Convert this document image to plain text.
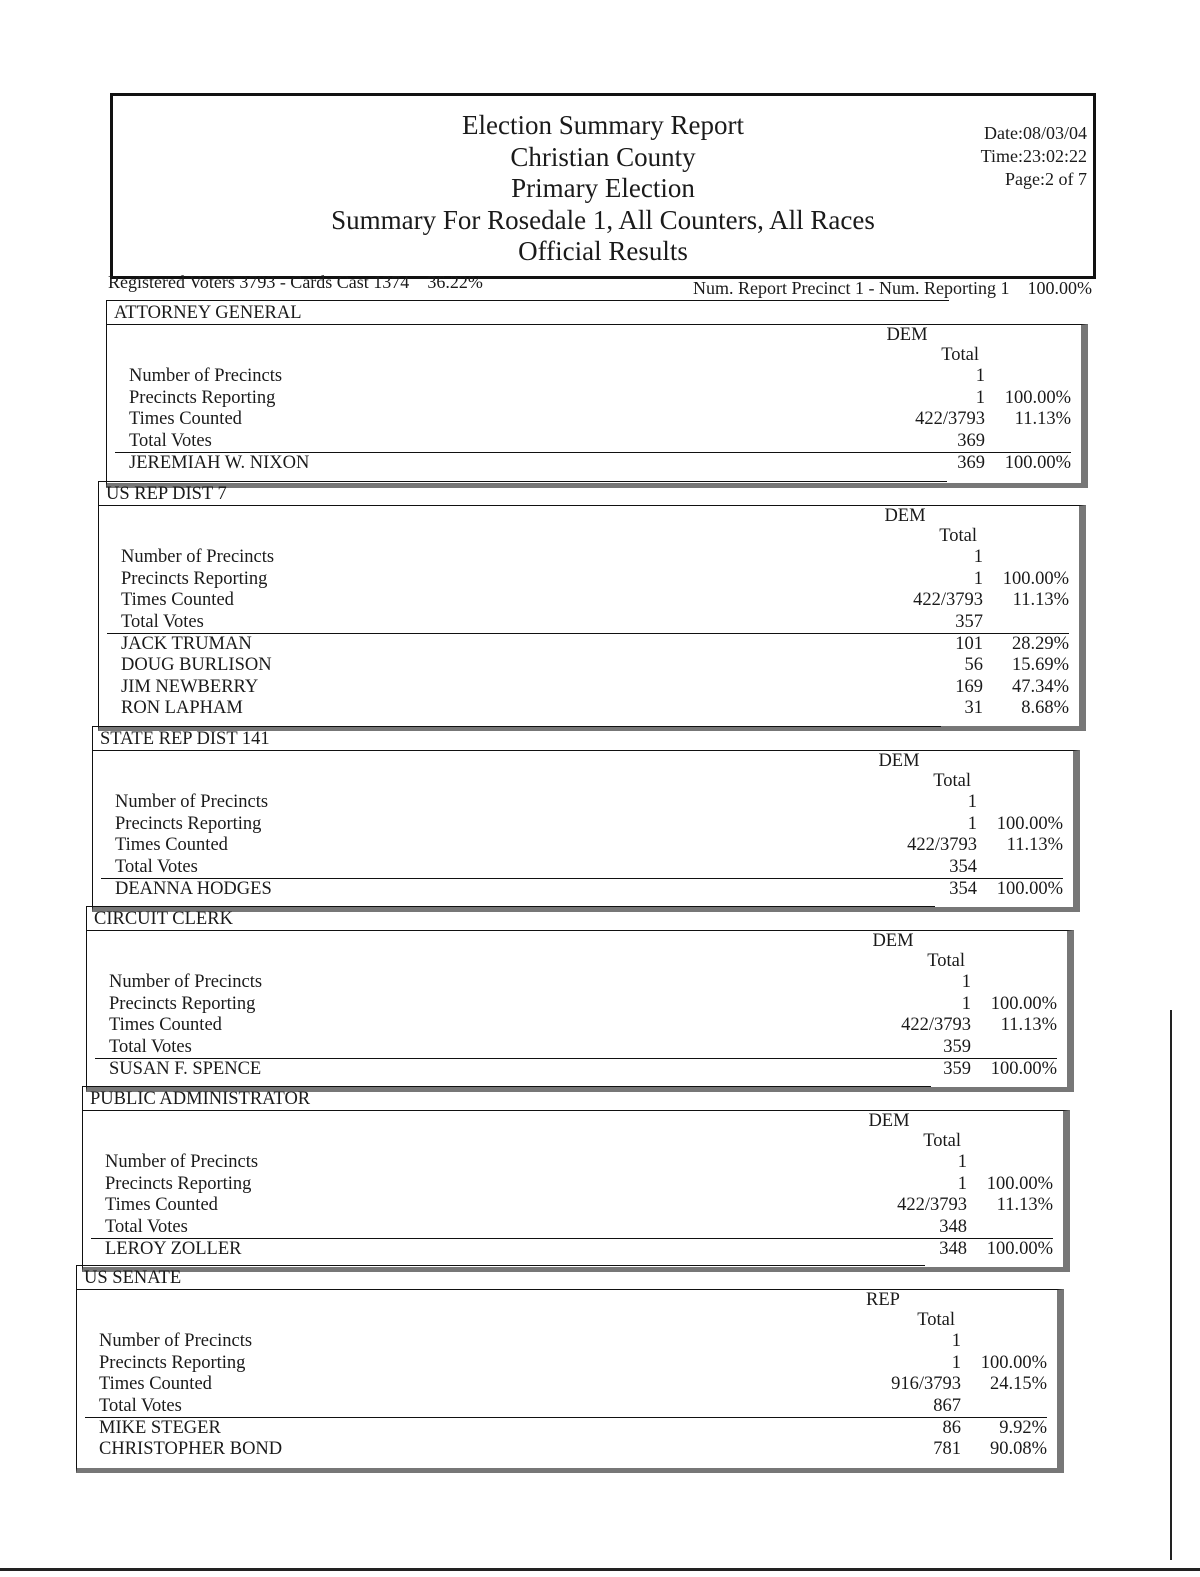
Election Summary Report
Christian County
Primary Election
Summary For Rosedale 1, All Counters, All Races
Official Results
Date:08/03/04
Time:23:02:22
Page:2 of 7
Registered Voters 3793 - Cards Cast 1374 36.22%	Num. Report Precinct 1 - Num. Reporting 1 100.00%
ATTORNEY GENERAL
DEM
Total
Number of Precincts	1
Precincts Reporting	1 100.00%
Times Counted	422/3793 11.13%
Total Votes	369
JEREMIAH W. NIXON	369 100.00%
US REP DIST 7
DEM
Total
Number of Precincts	1
Precincts Reporting	1 100.00%
Times Counted	422/3793 11.13%
Total Votes	357
JACK TRUMAN	101 28.29%
DOUG BURLISON	56 15.69%
JIM NEWBERRY	169 47.34%
RON LAPHAM	31 8.68%
STATE REP DIST 141
DEM
Total
Number of Precincts	1
Precincts Reporting	1 100.00%
Times Counted	422/3793 11.13%
Total Votes	354
DEANNA HODGES	354 100.00%
CIRCUIT CLERK
DEM
Total
Number of Precincts	1
Precincts Reporting	1 100.00%
Times Counted	422/3793 11.13%
Total Votes	359
SUSAN F. SPENCE	359 100.00%
PUBLIC ADMINISTRATOR
DEM
Total
Number of Precincts	1
Precincts Reporting	1 100.00%
Times Counted	422/3793 11.13%
Total Votes	348
LEROY ZOLLER	348 100.00%
US SENATE
REP
Total
Number of Precincts	1
Precincts Reporting	1 100.00%
Times Counted	916/3793 24.15%
Total Votes	867
MIKE STEGER	86 9.92%
CHRISTOPHER BOND	781 90.08%
